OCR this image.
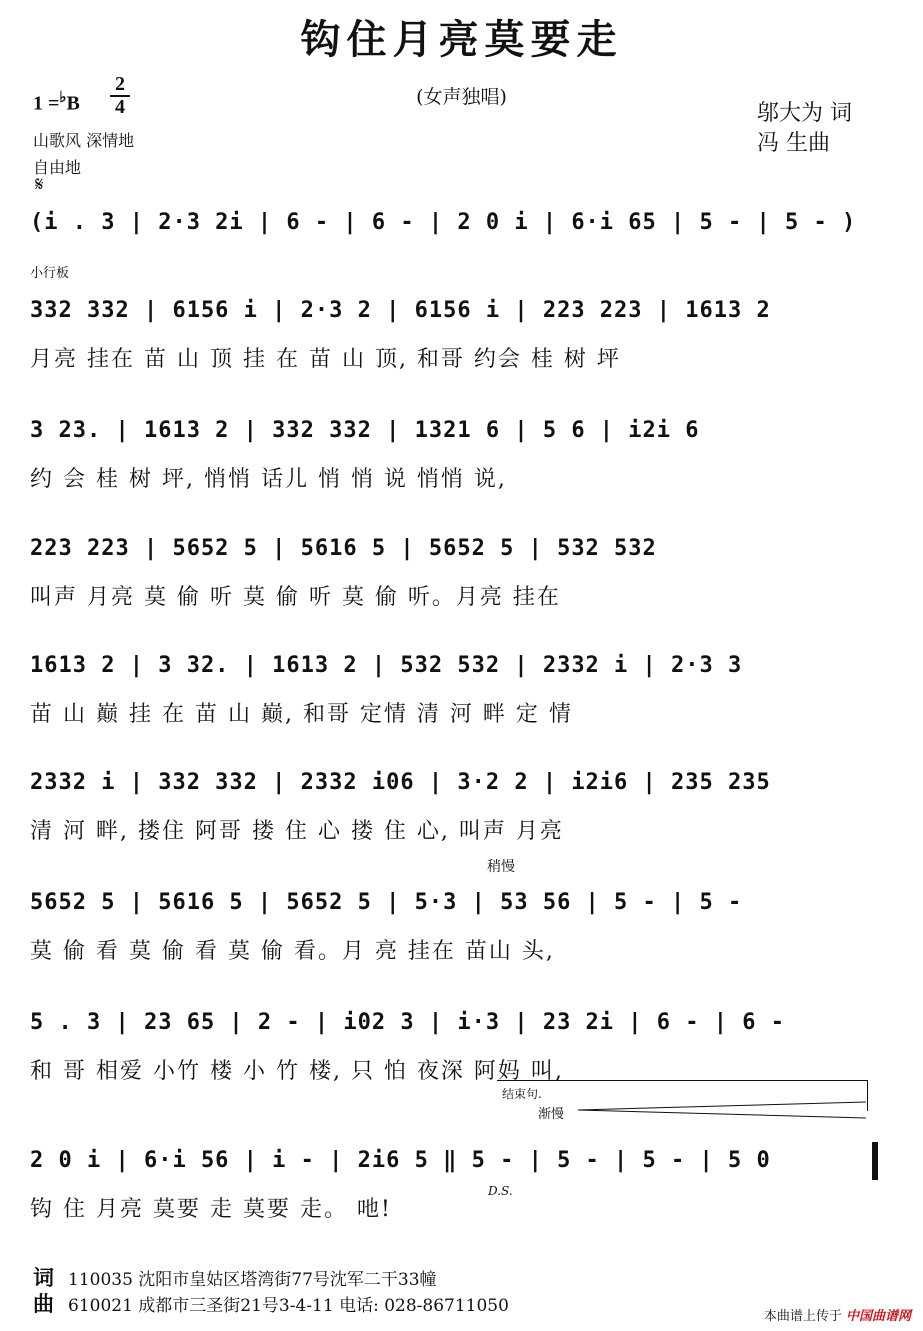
钩住月亮莫要走
(女声独唱)
1 =♭B
2
4
山歌风 深情地
自由地
𝄋
邬大为 词
冯 生曲
(i . 3 | 2·3 2i | 6 - | 6 - | 2 0 i | 6·i 65 | 5 - | 5 - )
小行板
332 332 | 6156 i | 2·3 2 | 6156 i | 223 223 | 1613 2
月亮 挂在 苗 山 顶 挂 在 苗 山 顶, 和哥 约会 桂 树 坪
3 23. | 1613 2 | 332 332 | 1321 6 | 5 6 | i2i 6
约 会 桂 树 坪, 悄悄 话儿 悄 悄 说 悄悄 说,
223 223 | 5652 5 | 5616 5 | 5652 5 | 532 532
叫声 月亮 莫 偷 听 莫 偷 听 莫 偷 听。月亮 挂在
1613 2 | 3 32. | 1613 2 | 532 532 | 2332 i | 2·3 3
苗 山 巅 挂 在 苗 山 巅, 和哥 定情 清 河 畔 定 情
2332 i | 332 332 | 2332 i06 | 3·2 2 | i2i6 | 235 235
清 河 畔, 搂住 阿哥 搂 住 心 搂 住 心, 叫声 月亮
稍慢
5652 5 | 5616 5 | 5652 5 | 5·3 | 53 56 | 5 - | 5 -
莫 偷 看 莫 偷 看 莫 偷 看。月 亮 挂在 苗山 头,
5 . 3 | 23 65 | 2 - | i02 3 | i·3 | 23 2i | 6 - | 6 -
和 哥 相爱 小竹 楼 小 竹 楼, 只 怕 夜深 阿妈 叫,
结束句.
渐慢
2 0 i | 6·i 56 | i - | 2i6 5 ‖ 5 - | 5 - | 5 - | 5 0
钩 住 月亮 莫要 走 莫要 走。 吔!
D.S.
词 110035 沈阳市皇姑区塔湾街77号沈军二干33幢
曲 610021 成都市三圣街21号3-4-11 电话: 028-86711050
本曲谱上传于 中国曲谱网
